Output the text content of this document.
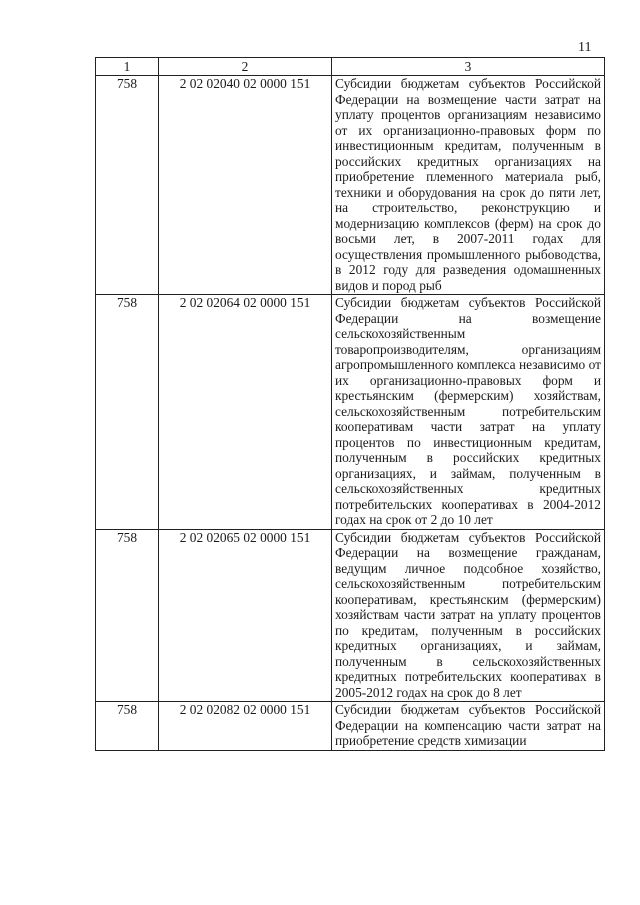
11
1	2	3
758	2 02 02040 02 0000 151	Субсидии бюджетам субъектов Российской Федерации на возмещение части затрат на уплату процентов организациям независимо от их организационно-правовых форм по инвестиционным кредитам, полученным в российских кредитных организациях на приобретение племенного материала рыб, техники и оборудования на срок до пяти лет, на строительство, реконструкцию и модернизацию комплексов (ферм) на срок до восьми лет, в 2007-2011 годах для осуществления промышленного рыбоводства, в 2012 году для разведения одомашненных видов и пород рыб
758	2 02 02064 02 0000 151	Субсидии бюджетам субъектов Российской Федерации на возмещение сельскохозяйственным товаропроизводителям, организациям агропромышленного комплекса независимо от их организационно-правовых форм и крестьянским (фермерским) хозяйствам, сельскохозяйственным потребительским кооперативам части затрат на уплату процентов по инвестиционным кредитам, полученным в российских кредитных организациях, и займам, полученным в сельскохозяйственных кредитных потребительских кооперативах в 2004-2012 годах на срок от 2 до 10 лет
758	2 02 02065 02 0000 151	Субсидии бюджетам субъектов Российской Федерации на возмещение гражданам, ведущим личное подсобное хозяйство, сельскохозяйственным потребительским кооперативам, крестьянским (фермерским) хозяйствам части затрат на уплату процентов по кредитам, полученным в российских кредитных организациях, и займам, полученным в сельскохозяйственных кредитных потребительских кооперативах в 2005-2012 годах на срок до 8 лет
758	2 02 02082 02 0000 151	Субсидии бюджетам субъектов Российской Федерации на компенсацию части затрат на приобретение средств химизации
